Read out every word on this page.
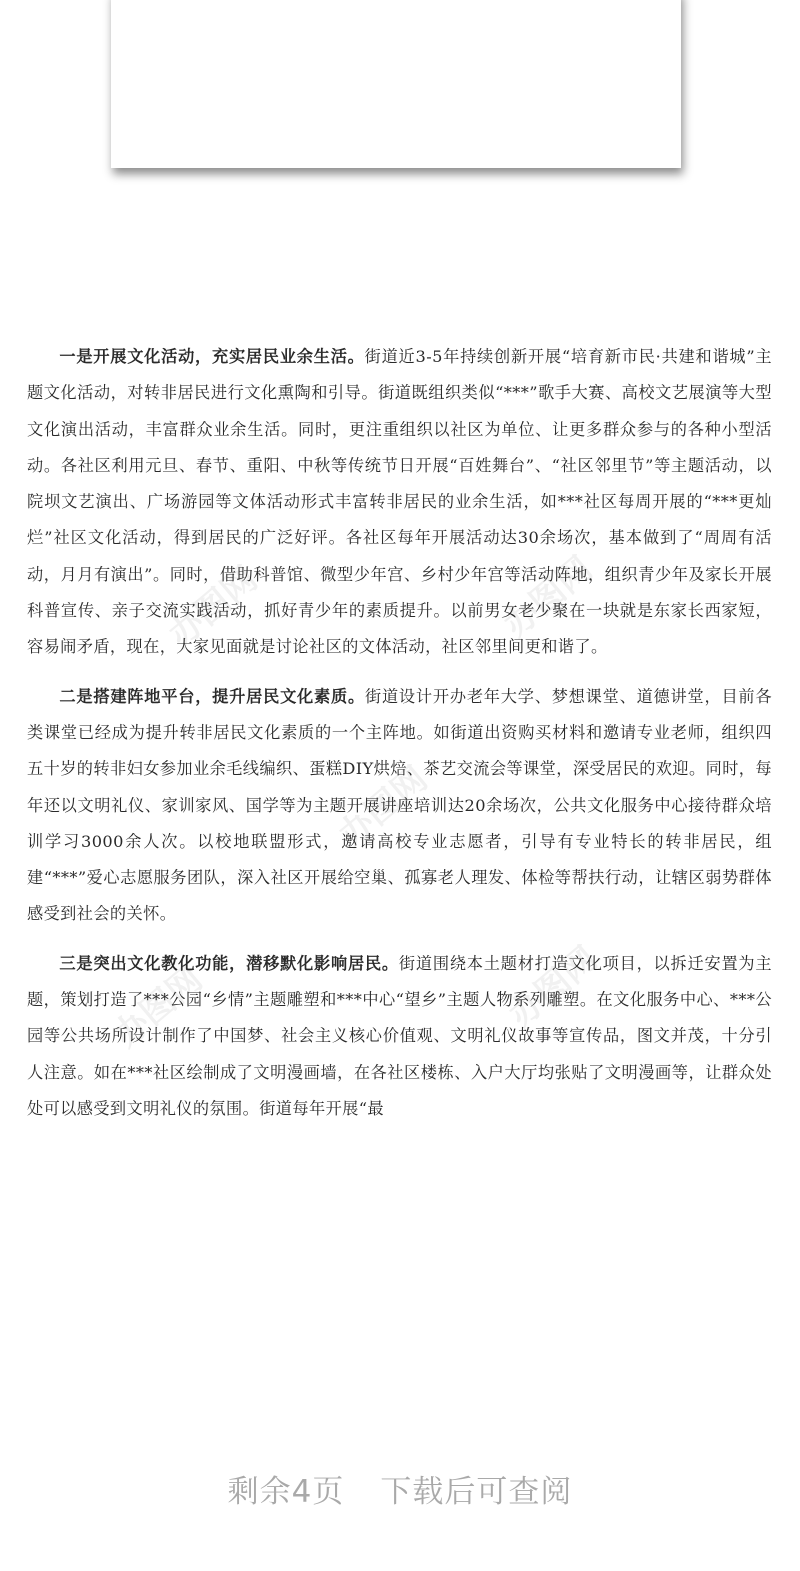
办图网	办图网
办图网
办图网	办图网

一是开展文化活动，充实居民业余生活。街道近3-5年持续创新开展“培育新市民·共建和谐城”主题文化活动，对转非居民进行文化熏陶和引导。街道既组织类似“***”歌手大赛、高校文艺展演等大型文化演出活动，丰富群众业余生活。同时，更注重组织以社区为单位、让更多群众参与的各种小型活动。各社区利用元旦、春节、重阳、中秋等传统节日开展“百姓舞台”、“社区邻里节”等主题活动，以院坝文艺演出、广场游园等文体活动形式丰富转非居民的业余生活，如***社区每周开展的“***更灿烂”社区文化活动，得到居民的广泛好评。各社区每年开展活动达30余场次，基本做到了“周周有活动，月月有演出”。同时，借助科普馆、微型少年宫、乡村少年宫等活动阵地，组织青少年及家长开展科普宣传、亲子交流实践活动，抓好青少年的素质提升。以前男女老少聚在一块就是东家长西家短，容易闹矛盾，现在，大家见面就是讨论社区的文体活动，社区邻里间更和谐了。

二是搭建阵地平台，提升居民文化素质。街道设计开办老年大学、梦想课堂、道德讲堂，目前各类课堂已经成为提升转非居民文化素质的一个主阵地。如街道出资购买材料和邀请专业老师，组织四五十岁的转非妇女参加业余毛线编织、蛋糕DIY烘焙、茶艺交流会等课堂，深受居民的欢迎。同时，每年还以文明礼仪、家训家风、国学等为主题开展讲座培训达20余场次，公共文化服务中心接待群众培训学习3000余人次。以校地联盟形式，邀请高校专业志愿者，引导有专业特长的转非居民，组建“***”爱心志愿服务团队，深入社区开展给空巢、孤寡老人理发、体检等帮扶行动，让辖区弱势群体感受到社会的关怀。

三是突出文化教化功能，潜移默化影响居民。街道围绕本土题材打造文化项目，以拆迁安置为主题，策划打造了***公园“乡情”主题雕塑和***中心“望乡”主题人物系列雕塑。在文化服务中心、***公园等公共场所设计制作了中国梦、社会主义核心价值观、文明礼仪故事等宣传品，图文并茂，十分引人注意。如在***社区绘制成了文明漫画墙，在各社区楼栋、入户大厅均张贴了文明漫画等，让群众处处可以感受到文明礼仪的氛围。街道每年开展“最

剩余4页 下载后可查阅
